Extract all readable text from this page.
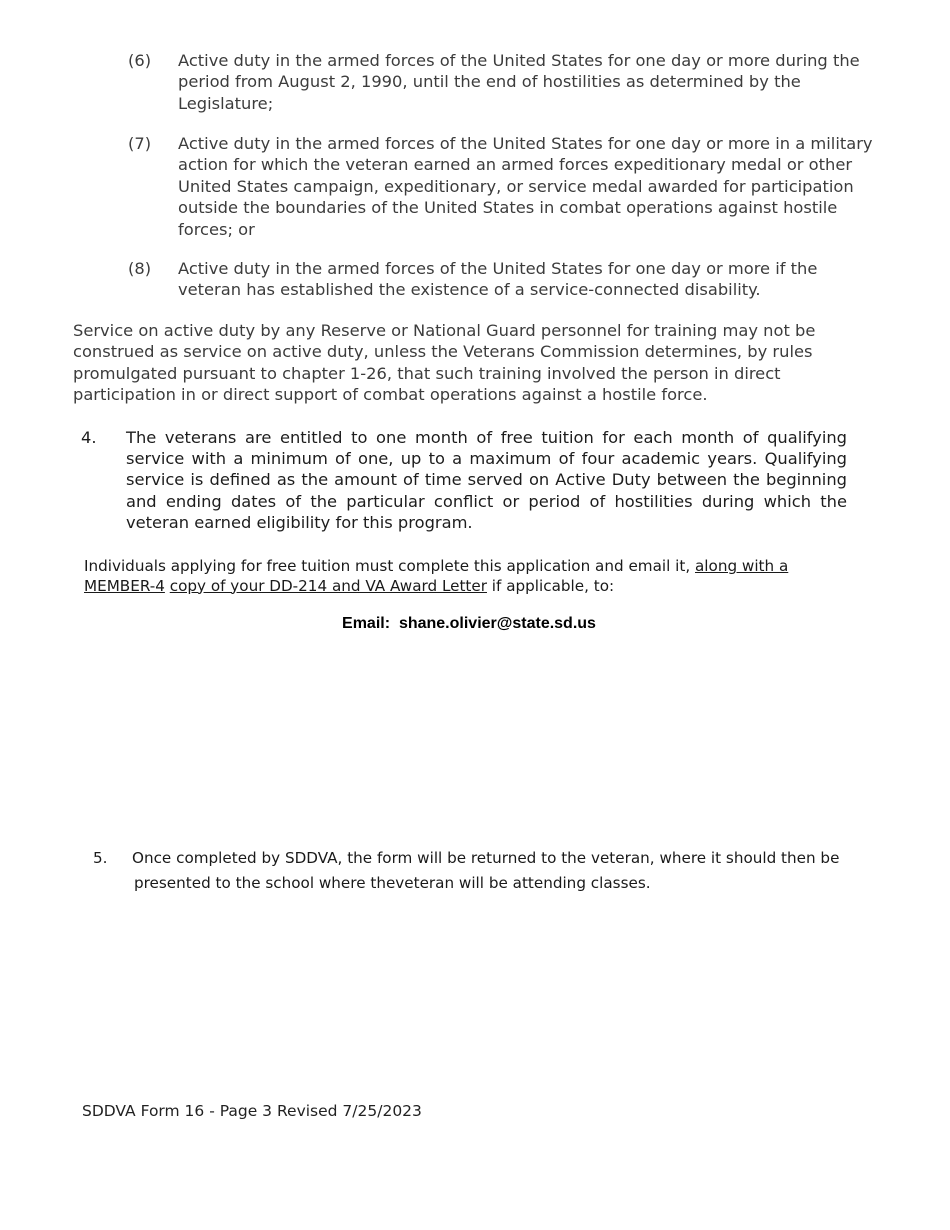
(6) Active duty in the armed forces of the United States for one day or more during the period from August 2, 1990, until the end of hostilities as determined by the Legislature;
(7) Active duty in the armed forces of the United States for one day or more in a military action for which the veteran earned an armed forces expeditionary medal or other United States campaign, expeditionary, or service medal awarded for participation outside the boundaries of the United States in combat operations against hostile forces; or
(8) Active duty in the armed forces of the United States for one day or more if the veteran has established the existence of a service-connected disability.
Service on active duty by any Reserve or National Guard personnel for training may not be construed as service on active duty, unless the Veterans Commission determines, by rules promulgated pursuant to chapter 1-26, that such training involved the person in direct participation in or direct support of combat operations against a hostile force.
4. The veterans are entitled to one month of free tuition for each month of qualifying service with a minimum of one, up to a maximum of four academic years. Qualifying service is defined as the amount of time served on Active Duty between the beginning and ending dates of the particular conflict or period of hostilities during which the veteran earned eligibility for this program.
Individuals applying for free tuition must complete this application and email it, along with a MEMBER-4 copy of your DD-214 and VA Award Letter if applicable, to:
Email: shane.olivier@state.sd.us
5. Once completed by SDDVA, the form will be returned to the veteran, where it should then be
presented to the school where theveteran will be attending classes.
SDDVA Form 16 - Page 3 Revised 7/25/2023
